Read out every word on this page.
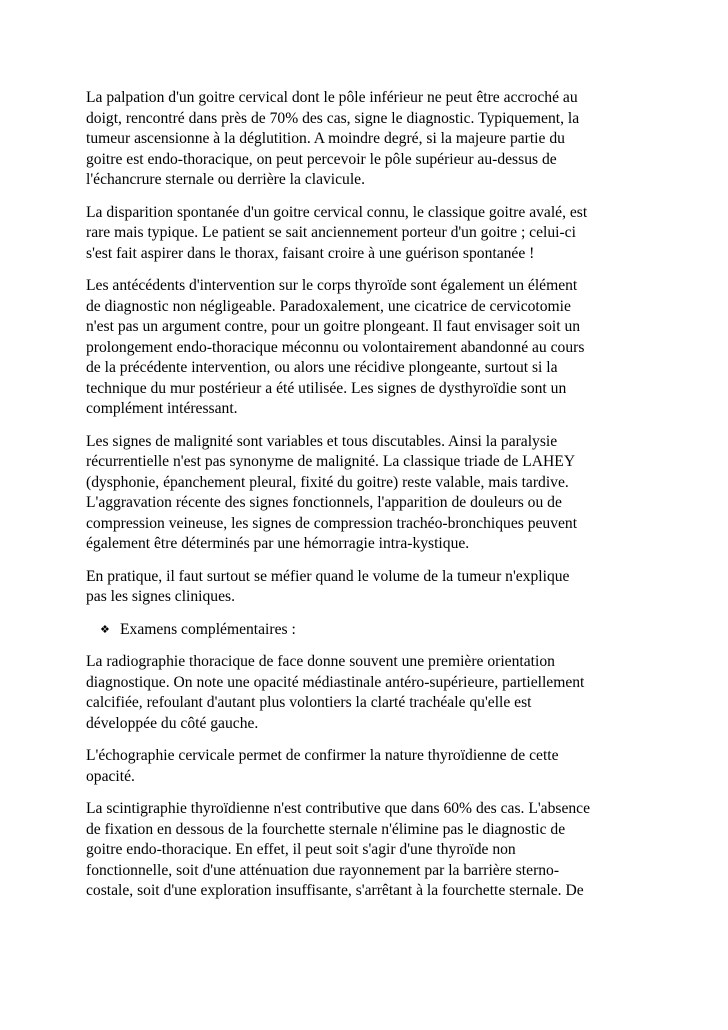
La palpation d'un goitre cervical dont le pôle inférieur ne peut être accroché au
doigt, rencontré dans près de 70% des cas, signe le diagnostic. Typiquement, la
tumeur ascensionne à la déglutition. A moindre degré, si la majeure partie du
goitre est endo-thoracique, on peut percevoir le pôle supérieur au-dessus de
l'échancrure sternale ou derrière la clavicule.

La disparition spontanée d'un goitre cervical connu, le classique goitre avalé, est
rare mais typique. Le patient se sait anciennement porteur d'un goitre ; celui-ci
s'est fait aspirer dans le thorax, faisant croire à une guérison spontanée !

Les antécédents d'intervention sur le corps thyroïde sont également un élément
de diagnostic non négligeable. Paradoxalement, une cicatrice de cervicotomie
n'est pas un argument contre, pour un goitre plongeant. Il faut envisager soit un
prolongement endo-thoracique méconnu ou volontairement abandonné au cours
de la précédente intervention, ou alors une récidive plongeante, surtout si la
technique du mur postérieur a été utilisée. Les signes de dysthyroïdie sont un
complément intéressant.

Les signes de malignité sont variables et tous discutables. Ainsi la paralysie
récurrentielle n'est pas synonyme de malignité. La classique triade de LAHEY
(dysphonie, épanchement pleural, fixité du goitre) reste valable, mais tardive.
L'aggravation récente des signes fonctionnels, l'apparition de douleurs ou de
compression veineuse, les signes de compression trachéo-bronchiques peuvent
également être déterminés par une hémorragie intra-kystique.

En pratique, il faut surtout se méfier quand le volume de la tumeur n'explique
pas les signes cliniques.

❖ Examens complémentaires :

La radiographie thoracique de face donne souvent une première orientation
diagnostique. On note une opacité médiastinale antéro-supérieure, partiellement
calcifiée, refoulant d'autant plus volontiers la clarté trachéale qu'elle est
développée du côté gauche.

L'échographie cervicale permet de confirmer la nature thyroïdienne de cette
opacité.

La scintigraphie thyroïdienne n'est contributive que dans 60% des cas. L'absence
de fixation en dessous de la fourchette sternale n'élimine pas le diagnostic de
goitre endo-thoracique. En effet, il peut soit s'agir d'une thyroïde non
fonctionnelle, soit d'une atténuation due rayonnement par la barrière sterno-
costale, soit d'une exploration insuffisante, s'arrêtant à la fourchette sternale. De
